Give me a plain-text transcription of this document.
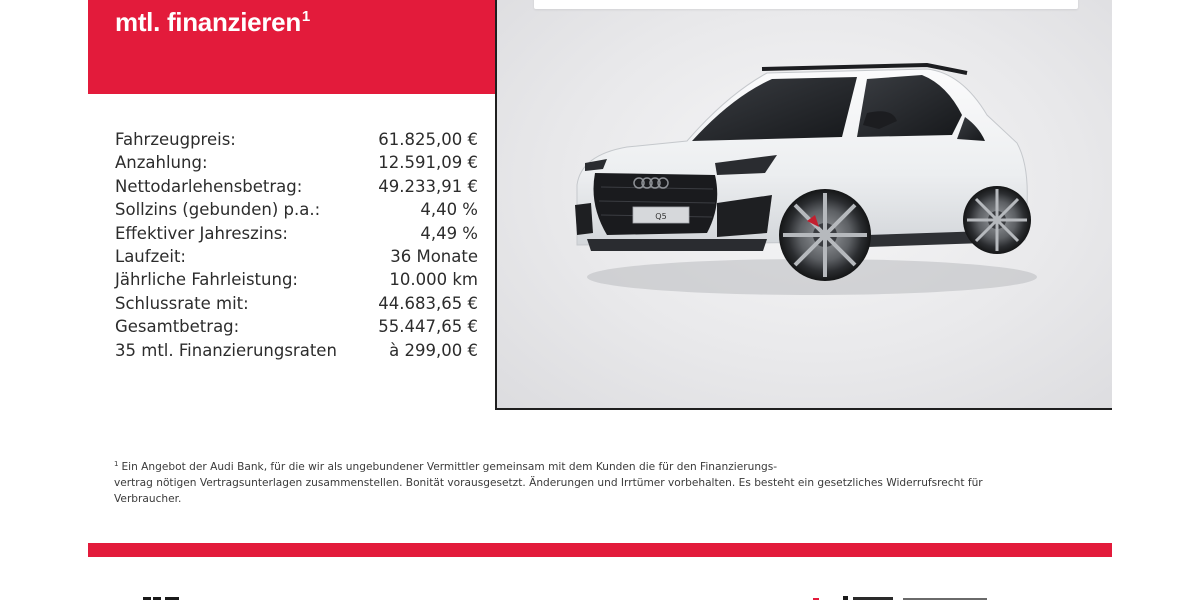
mtl. finanzieren$^1$
Fahrzeugpreis:	61.825,00 €
Anzahlung:	12.591,09 €
Nettodarlehensbetrag:	49.233,91 €
Sollzins (gebunden) p.a.:	4,40 %
Effektiver Jahreszins:	4,49 %
Laufzeit:	36 Monate
Jährliche Fahrleistung:	10.000 km
Schlussrate mit:	44.683,65 €
Gesamtbetrag:	55.447,65 €
35 mtl. Finanzierungsraten	à 299,00 €
Q5
$^1$ Ein Angebot der Audi Bank, für die wir als ungebundener Vermittler gemeinsam mit dem Kunden die für den Finanzierungs-
vertrag nötigen Vertragsunterlagen zusammenstellen. Bonität vorausgesetzt. Änderungen und Irrtümer vorbehalten. Es besteht ein gesetzliches Widerrufsrecht für Verbraucher.
